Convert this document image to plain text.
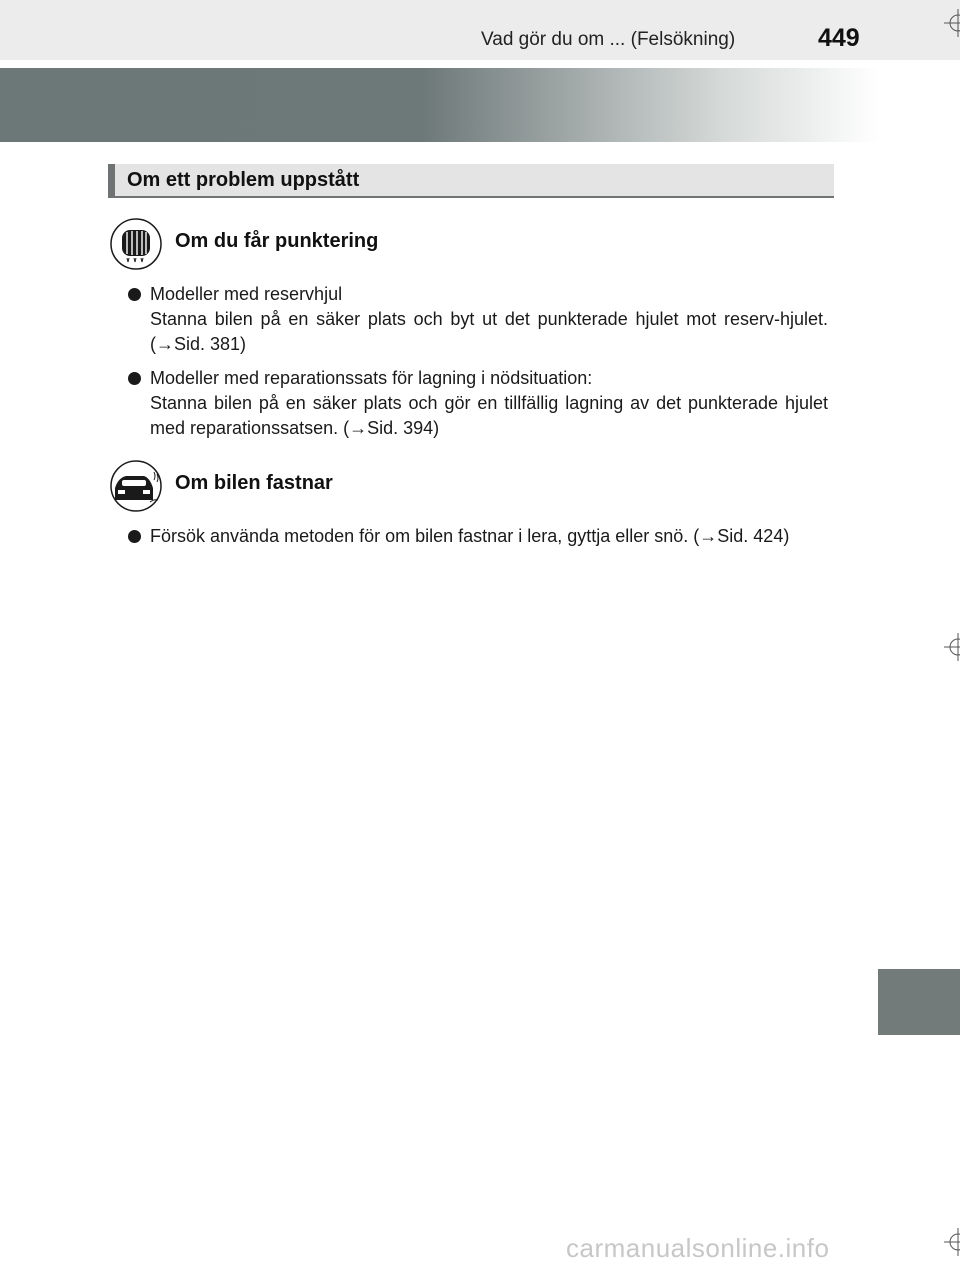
Vad gör du om ... (Felsökning)	449
Om ett problem uppstått
Om du får punktering
Modeller med reservhjul
Stanna bilen på en säker plats och byt ut det punkterade hjulet mot reserv-hjulet. (→Sid. 381)
Modeller med reparationssats för lagning i nödsituation:
Stanna bilen på en säker plats och gör en tillfällig lagning av det punkterade hjulet med reparationssatsen. (→Sid. 394)
Om bilen fastnar
Försök använda metoden för om bilen fastnar i lera, gyttja eller snö. (→Sid. 424)
carmanualsonline.info
